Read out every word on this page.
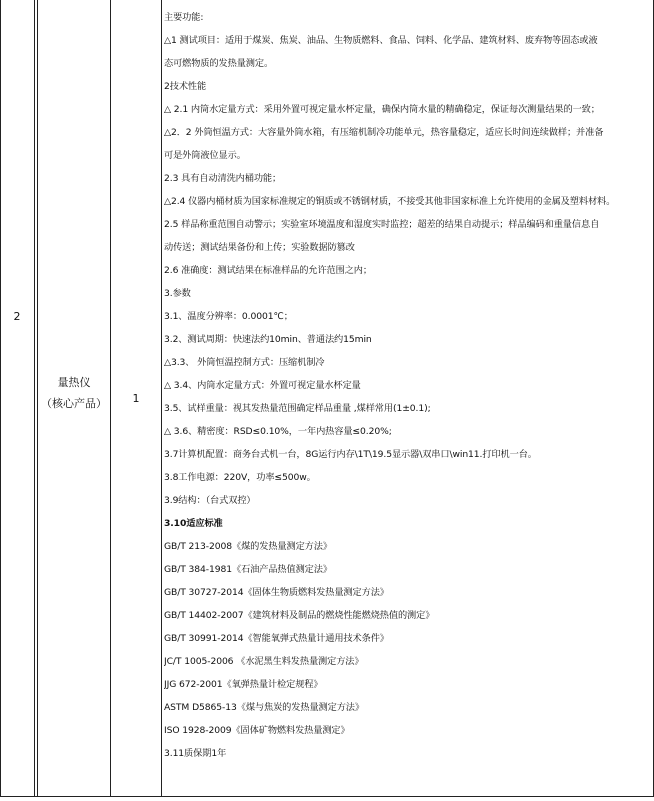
2
量热仪
（核心产品）	1
主要功能:
△1 测试项目：适用于煤炭、焦炭、油品、生物质燃料、食品、饲料、化学品、建筑材料、废弃物等固态或液
态可燃物质的发热量测定。
2技术性能
△ 2.1 内筒水定量方式：采用外置可视定量水杯定量，确保内筒水量的精确稳定，保证每次测量结果的一致；
△2．2 外筒恒温方式：大容量外筒水箱，有压缩机制冷功能单元，热容量稳定，适应长时间连续做样；并准备
可是外筒液位显示。
2.3 具有自动清洗内桶功能；
△2.4 仪器内桶材质为国家标准规定的铜质或不锈钢材质，不接受其他非国家标准上允许使用的金属及塑料材料。
2.5 样品称重范围自动警示；实验室环境温度和湿度实时监控；超差的结果自动提示；样品编码和重量信息自
动传送；测试结果备份和上传；实验数据防篡改
2.6 准确度：测试结果在标准样品的允许范围之内；
3.参数
3.1、温度分辨率：0.0001℃；
3.2、测试周期：快速法约10min、普通法约15min
△3.3、 外筒恒温控制方式：压缩机制冷
△ 3.4、内筒水定量方式：外置可视定量水杯定量
3.5、试样重量：视其发热量范围确定样品重量 ,煤样常用(1±0.1);
△ 3.6、精密度：RSD≤0.10%，一年内热容量≤0.20%;
3.7计算机配置：商务台式机一台，8G运行内存\1T\19.5显示器\双串口\win11.打印机一台。
3.8工作电源：220V，功率≤500w。
3.9结构：（台式双控）
3.10适应标准
GB/T 213-2008《煤的发热量测定方法》
GB/T 384-1981《石油产品热值测定法》
GB/T 30727-2014《固体生物质燃料发热量测定方法》
GB/T 14402-2007《建筑材料及制品的燃烧性能燃烧热值的测定》
GB/T 30991-2014《智能氧弹式热量计通用技术条件》
JC/T 1005-2006 《水泥黑生料发热量测定方法》
JJG 672-2001《氧弹热量计检定规程》
ASTM D5865-13《煤与焦炭的发热量测定方法》
ISO 1928-2009《固体矿物燃料发热量测定》
3.11质保期1年
